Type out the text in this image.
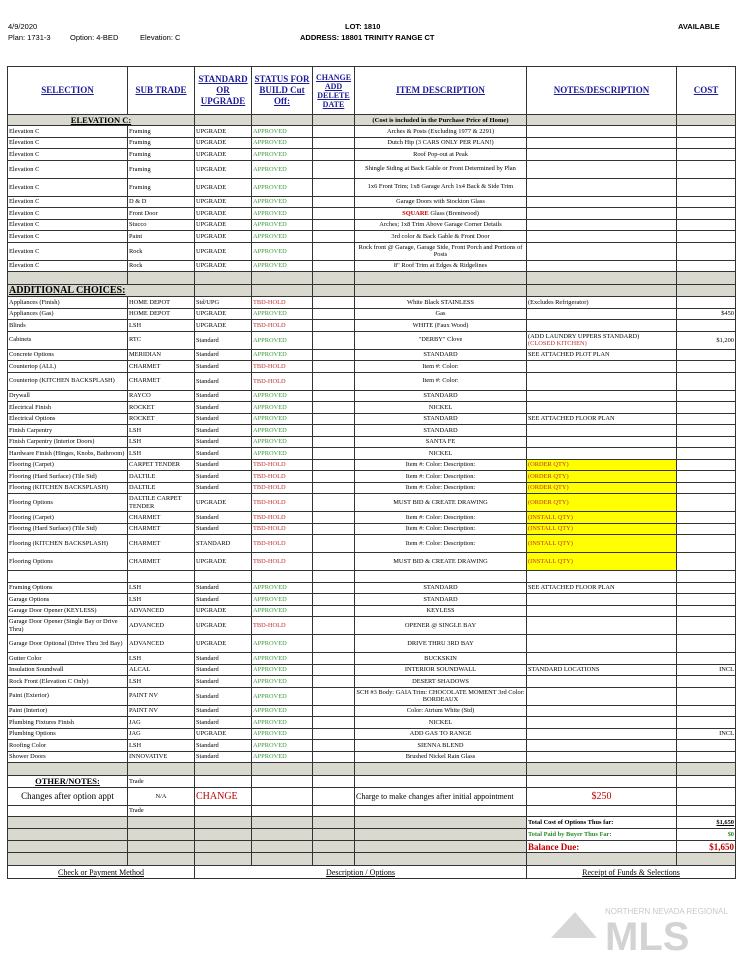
4/9/2020
Plan: 1731-3	Option: 4-BED	Elevation: C
LOT: 1810
ADDRESS: 18801 TRINITY RANGE CT
AVAILABLE
SELECTION	SUB TRADE	STANDARD OR UPGRADE	STATUS FOR BUILD Cut Off:	CHANGE ADD DELETE DATE	ITEM DESCRIPTION	NOTES/DESCRIPTION	COST
ELEVATION C:					(Cost is included in the Purchase Price of Home)		
Elevation C	Framing	UPGRADE	APPROVED		Arches & Posts (Excluding 1977 & 2291)		
Elevation C	Framing	UPGRADE	APPROVED		Dutch Hip (3 CARS ONLY PER PLAN!)		
Elevation C	Framing	UPGRADE	APPROVED		Roof Pop-out at Peak		
Elevation C	Framing	UPGRADE	APPROVED		Shingle Siding at Back Gable or Front Determined by Plan		
Elevation C	Framing	UPGRADE	APPROVED		1x6 Front Trim; 1x8 Garage Arch 1x4 Back & Side Trim		
Elevation C	D & D	UPGRADE	APPROVED		Garage Doors with Stockton Glass		
Elevation C	Front Door	UPGRADE	APPROVED		SQUARE Glass (Brentwood)		
Elevation C	Stucco	UPGRADE	APPROVED		Arches; 1x8 Trim Above Garage Corner Details		
Elevation C	Paint	UPGRADE	APPROVED		3rd color & Back Gable & Front Door		
Elevation C	Rock	UPGRADE	APPROVED		Rock front @ Garage, Garage Side, Front Porch and Portions of Posts		
Elevation C	Rock	UPGRADE	APPROVED		8" Roof Trim at Edges & Ridgelines		

ADDITIONAL CHOICES:							
Appliances (Finish)	HOME DEPOT	Std/UPG	TBD-HOLD		White Black STAINLESS	(Excludes Refrigerator)	
Appliances (Gas)	HOME DEPOT	UPGRADE	APPROVED		Gas		$450
Blinds	LSH	UPGRADE	TBD-HOLD		WHITE (Faux Wood)		
Cabinets	RTC	Standard	APPROVED		"DERBY" Clove	(ADD LAUNDRY UPPERS STANDARD)
(CLOSED KITCHEN)	$1,200
Concrete Options	MERIDIAN	Standard	APPROVED		STANDARD	SEE ATTACHED PLOT PLAN	
Countertop (ALL)	CHARMET	Standard	TBD-HOLD		Item #: Color:		
Countertop (KITCHEN BACKSPLASH)	CHARMET	Standard	TBD-HOLD		Item #: Color:		
Drywall	RAYCO	Standard	APPROVED		STANDARD		
Electrical Finish	ROCKET	Standard	APPROVED		NICKEL		
Electrical Options	ROCKET	Standard	APPROVED		STANDARD	SEE ATTACHED FLOOR PLAN	
Finish Carpentry	LSH	Standard	APPROVED		STANDARD		
Finish Carpentry (Interior Doors)	LSH	Standard	APPROVED		SANTA FE		
Hardware Finish (Hinges, Knobs, Bathroom)	LSH	Standard	APPROVED		NICKEL		
Flooring (Carpet)	CARPET TENDER	Standard	TBD-HOLD		Item #: Color: Description:	(ORDER QTY)	
Flooring (Hard Surface) (Tile Std)	DALTILE	Standard	TBD-HOLD		Item #: Color: Description:	(ORDER QTY)	
Flooring (KITCHEN BACKSPLASH)	DALTILE	Standard	TBD-HOLD		Item #: Color: Description:	(ORDER QTY)	
Flooring Options	DALTILE CARPET TENDER	UPGRADE	TBD-HOLD		MUST BID & CREATE DRAWING	(ORDER QTY)	
Flooring (Carpet)	CHARMET	Standard	TBD-HOLD		Item #: Color: Description:	(INSTALL QTY)	
Flooring (Hard Surface) (Tile Std)	CHARMET	Standard	TBD-HOLD		Item #: Color: Description:	(INSTALL QTY)	
Flooring (KITCHEN BACKSPLASH)	CHARMET	STANDARD	TBD-HOLD		Item #: Color: Description:	(INSTALL QTY)	
Flooring Options	CHARMET	UPGRADE	TBD-HOLD		MUST BID & CREATE DRAWING	(INSTALL QTY)	

Framing Options	LSH	Standard	APPROVED		STANDARD	SEE ATTACHED FLOOR PLAN	
Garage Options	LSH	Standard	APPROVED		STANDARD		
Garage Door Opener (KEYLESS)	ADVANCED	UPGRADE	APPROVED		KEYLESS		
Garage Door Opener (Single Bay or Drive Thru)	ADVANCED	UPGRADE	TBD-HOLD		OPENER @ SINGLE BAY		
Garage Door Optional (Drive Thru 3rd Bay)	ADVANCED	UPGRADE	APPROVED		DRIVE THRU 3RD BAY		
Gutter Color	LSH	Standard	APPROVED		BUCKSKIN		
Insulation Soundwall	ALCAL	Standard	APPROVED		INTERIOR SOUNDWALL	STANDARD LOCATIONS	INCL
Rock Front (Elevation C Only)	LSH	Standard	APPROVED		DESERT SHADOWS		
Paint (Exterior)	PAINT NV	Standard	APPROVED		SCH #3 Body: GAIA Trim: CHOCOLATE MOMENT 3rd Color: BORDEAUX		
Paint (Interior)	PAINT NV	Standard	APPROVED		Color: Atrium White (Std)		
Plumbing Fixtures Finish	JAG	Standard	APPROVED		NICKEL		
Plumbing Options	JAG	UPGRADE	APPROVED		ADD GAS TO RANGE		INCL
Roofing Color	LSH	Standard	APPROVED		SIENNA BLEND		
Shower Doors	INNOVATIVE	Standard	APPROVED		Brushed Nickel Rain Glass		

OTHER/NOTES:	Trade						
Changes after option appt	N/A	CHANGE			Charge to make changes after initial appointment	$250	
	Trade						
						Total Cost of Options Thus far:	$1,650
						Total Paid by Buyer Thus Far:	$0
						Balance Due:	$1,650

Check or Payment Method		Description / Options				Receipt of Funds & Selections	
NORTHERN NEVADA REGIONAL
MLS
